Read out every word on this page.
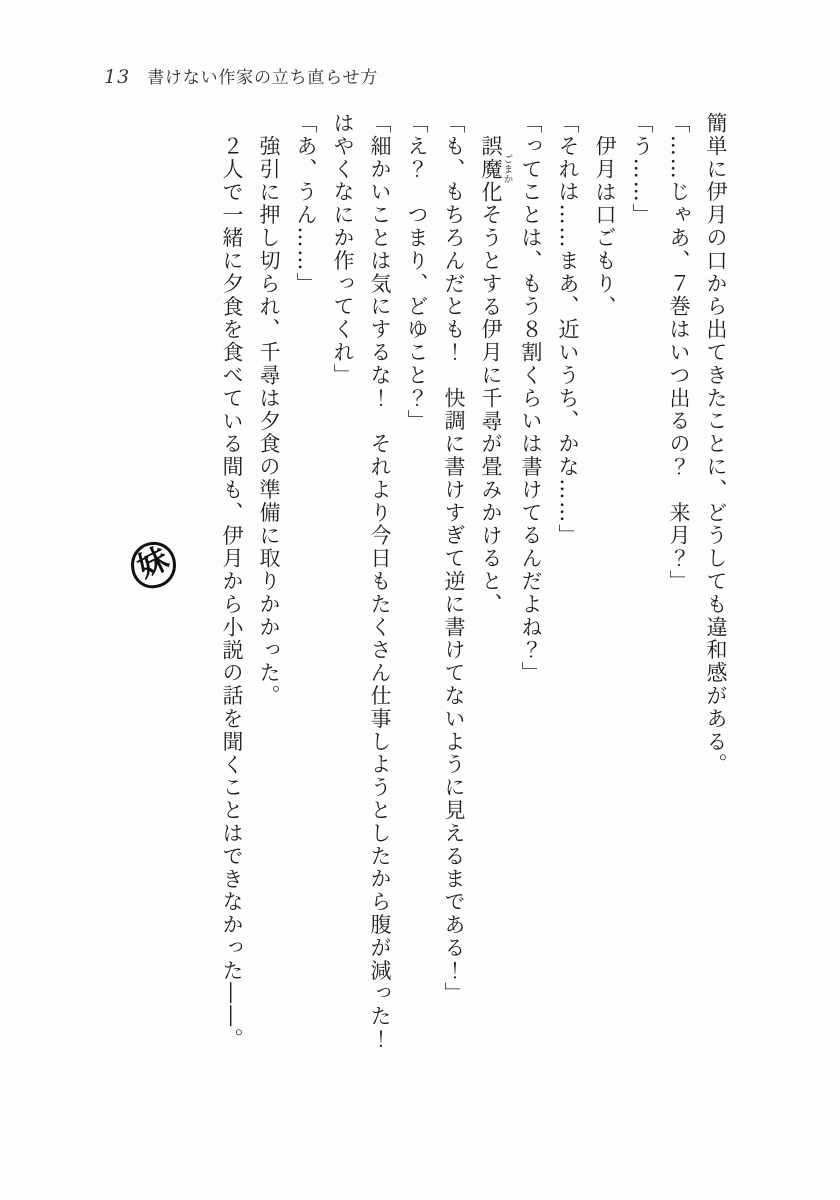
13 書けない作家の立ち直らせ方

簡単に伊月の口から出てきたことに、どうしても違和感がある。

「……じゃあ、７巻はいつ出るの？　来月？」

「う……」

伊月は口ごもり、

「それは……まあ、近いうち、かな……」

「ってことは、もう８割くらいは書けてるんだよね？」

誤魔化ごまかそうとする伊月に千尋が畳みかけると、

「も、もちろんだとも！　快調に書けすぎて逆に書けてないように見えるまである！」

「え？　つまり、どゆこと？」

「細かいことは気にするな！　それより今日もたくさん仕事しようとしたから腹が減った！はやくなにか作ってくれ」

「あ、うん……」

強引に押し切られ、千尋は夕食の準備に取りかかった。

２人で一緒に夕食を食べている間も、伊月から小説の話を聞くことはできなかった――。

妹
